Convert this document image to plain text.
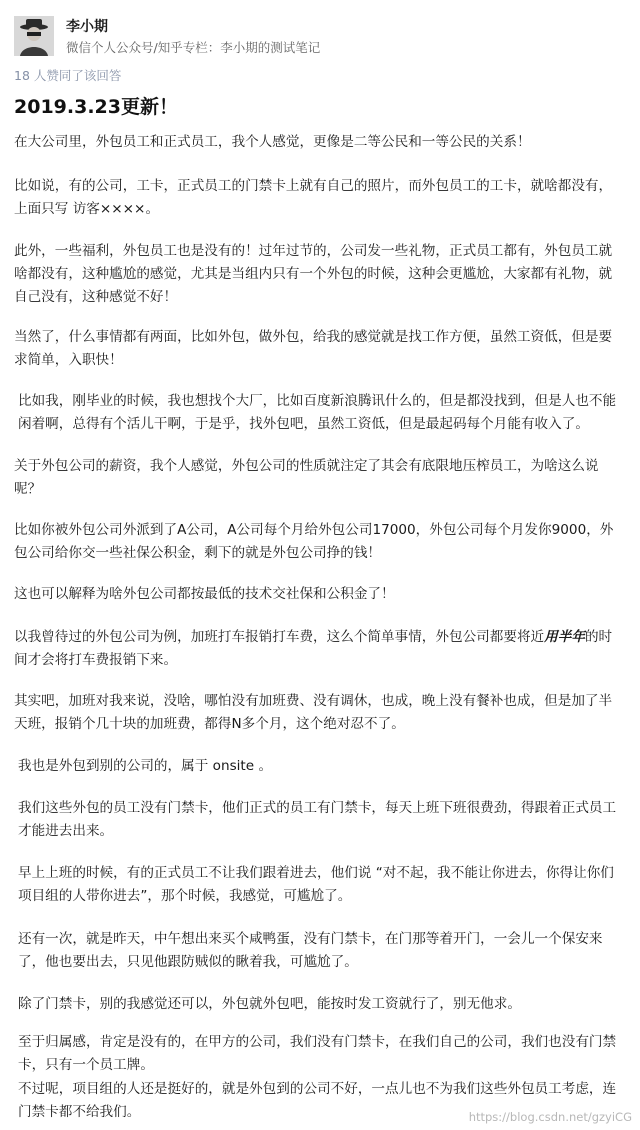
李小期
微信个人公众号/知乎专栏：李小期的测试笔记
18 人赞同了该回答
2019.3.23更新！

在大公司里，外包员工和正式员工，我个人感觉，更像是二等公民和一等公民的关系！

比如说，有的公司，工卡，正式员工的门禁卡上就有自己的照片，而外包员工的工卡，就啥都没有，上面只写 访客××××。

此外，一些福利，外包员工也是没有的！过年过节的，公司发一些礼物，正式员工都有，外包员工就啥都没有，这种尴尬的感觉，尤其是当组内只有一个外包的时候，这种会更尴尬，大家都有礼物，就自己没有，这种感觉不好！

当然了，什么事情都有两面，比如外包，做外包，给我的感觉就是找工作方便，虽然工资低，但是要求简单，入职快！

比如我，刚毕业的时候，我也想找个大厂，比如百度新浪腾讯什么的，但是都没找到，但是人也不能闲着啊，总得有个活儿干啊，于是乎，找外包吧，虽然工资低，但是最起码每个月能有收入了。

关于外包公司的薪资，我个人感觉，外包公司的性质就注定了其会有底限地压榨员工，为啥这么说呢？

比如你被外包公司外派到了A公司，A公司每个月给外包公司17000，外包公司每个月发你9000，外包公司给你交一些社保公积金，剩下的就是外包公司挣的钱！

这也可以解释为啥外包公司都按最低的技术交社保和公积金了！

以我曾待过的外包公司为例，加班打车报销打车费，这么个简单事情，外包公司都要将近用半年的时间才会将打车费报销下来。

其实吧，加班对我来说，没啥，哪怕没有加班费、没有调休，也成，晚上没有餐补也成，但是加了半天班，报销个几十块的加班费，都得N多个月，这个绝对忍不了。

我也是外包到别的公司的，属于 onsite 。

我们这些外包的员工没有门禁卡，他们正式的员工有门禁卡，每天上班下班很费劲，得跟着正式员工才能进去出来。

早上上班的时候，有的正式员工不让我们跟着进去，他们说 “对不起，我不能让你进去，你得让你们项目组的人带你进去”，那个时候，我感觉，可尴尬了。

还有一次，就是昨天，中午想出来买个咸鸭蛋，没有门禁卡，在门那等着开门，一会儿一个保安来了，他也要出去，只见他跟防贼似的瞅着我，可尴尬了。

除了门禁卡，别的我感觉还可以，外包就外包吧，能按时发工资就行了，别无他求。

至于归属感，肯定是没有的，在甲方的公司，我们没有门禁卡，在我们自己的公司，我们也没有门禁卡，只有一个员工牌。

不过呢，项目组的人还是挺好的，就是外包到的公司不好，一点儿也不为我们这些外包员工考虑，连门禁卡都不给我们。	https://blog.csdn.net/gzyiCG
